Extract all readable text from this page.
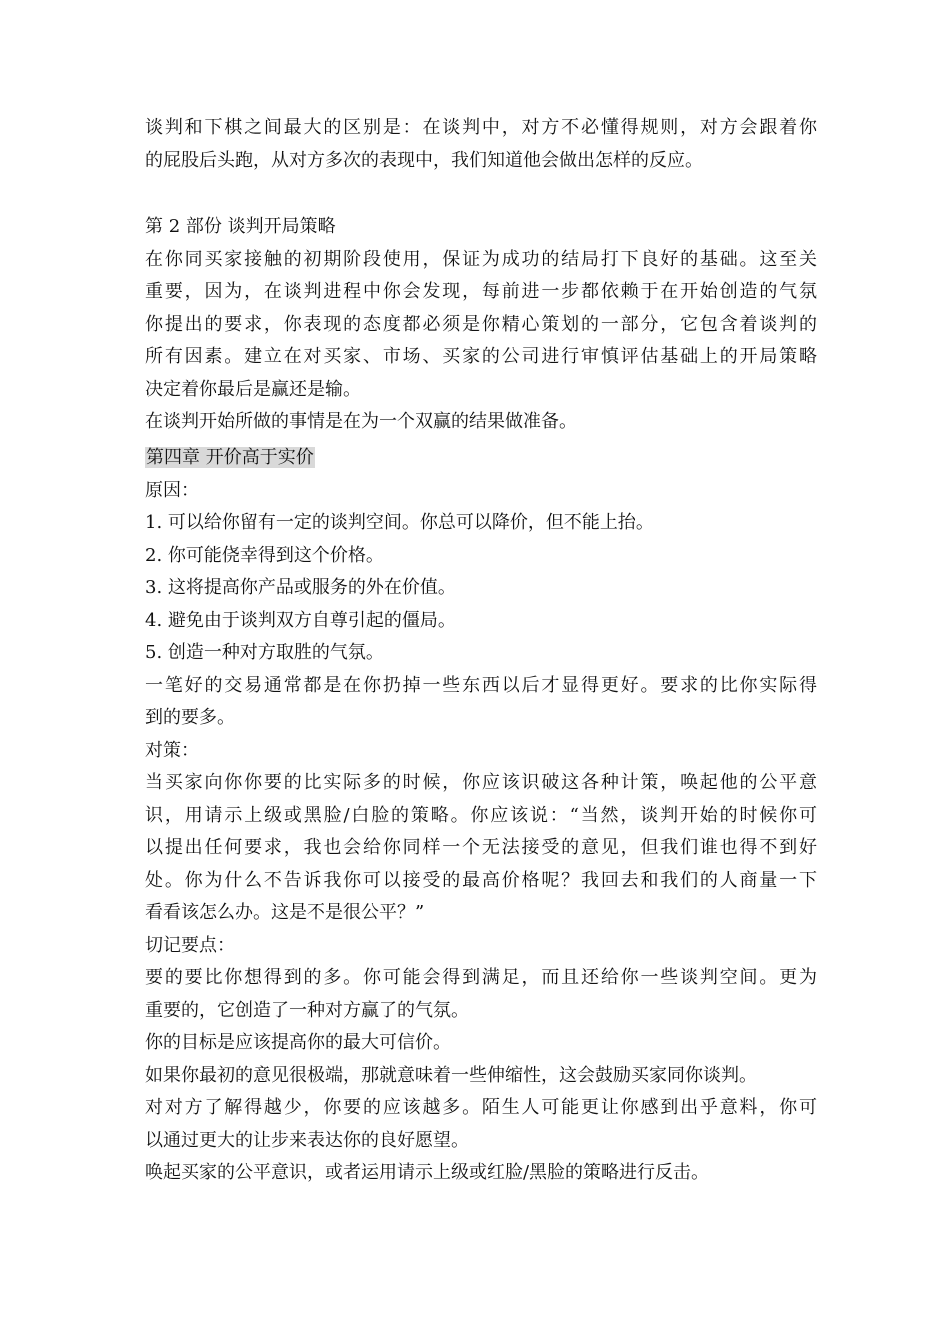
谈判和下棋之间最大的区别是：在谈判中，对方不必懂得规则，对方会跟着你
的屁股后头跑，从对方多次的表现中，我们知道他会做出怎样的反应。
第 2 部份 谈判开局策略
在你同买家接触的初期阶段使用，保证为成功的结局打下良好的基础。这至关
重要，因为，在谈判进程中你会发现，每前进一步都依赖于在开始创造的气氛
你提出的要求，你表现的态度都必须是你精心策划的一部分，它包含着谈判的
所有因素。建立在对买家、市场、买家的公司进行审慎评估基础上的开局策略
决定着你最后是赢还是输。
在谈判开始所做的事情是在为一个双赢的结果做准备。
第四章 开价高于实价
原因：
1. 可以给你留有一定的谈判空间。你总可以降价，但不能上抬。
2. 你可能侥幸得到这个价格。
3. 这将提高你产品或服务的外在价值。
4. 避免由于谈判双方自尊引起的僵局。
5. 创造一种对方取胜的气氛。
一笔好的交易通常都是在你扔掉一些东西以后才显得更好。要求的比你实际得
到的要多。
对策：
当买家向你你要的比实际多的时候，你应该识破这各种计策，唤起他的公平意
识，用请示上级或黑脸/白脸的策略。你应该说：“当然，谈判开始的时候你可
以提出任何要求，我也会给你同样一个无法接受的意见，但我们谁也得不到好
处。你为什么不告诉我你可以接受的最高价格呢？我回去和我们的人商量一下
看看该怎么办。这是不是很公平？”
切记要点：
要的要比你想得到的多。你可能会得到满足，而且还给你一些谈判空间。更为
重要的，它创造了一种对方赢了的气氛。
你的目标是应该提高你的最大可信价。
如果你最初的意见很极端，那就意味着一些伸缩性，这会鼓励买家同你谈判。
对对方了解得越少，你要的应该越多。陌生人可能更让你感到出乎意料，你可
以通过更大的让步来表达你的良好愿望。
唤起买家的公平意识，或者运用请示上级或红脸/黑脸的策略进行反击。
